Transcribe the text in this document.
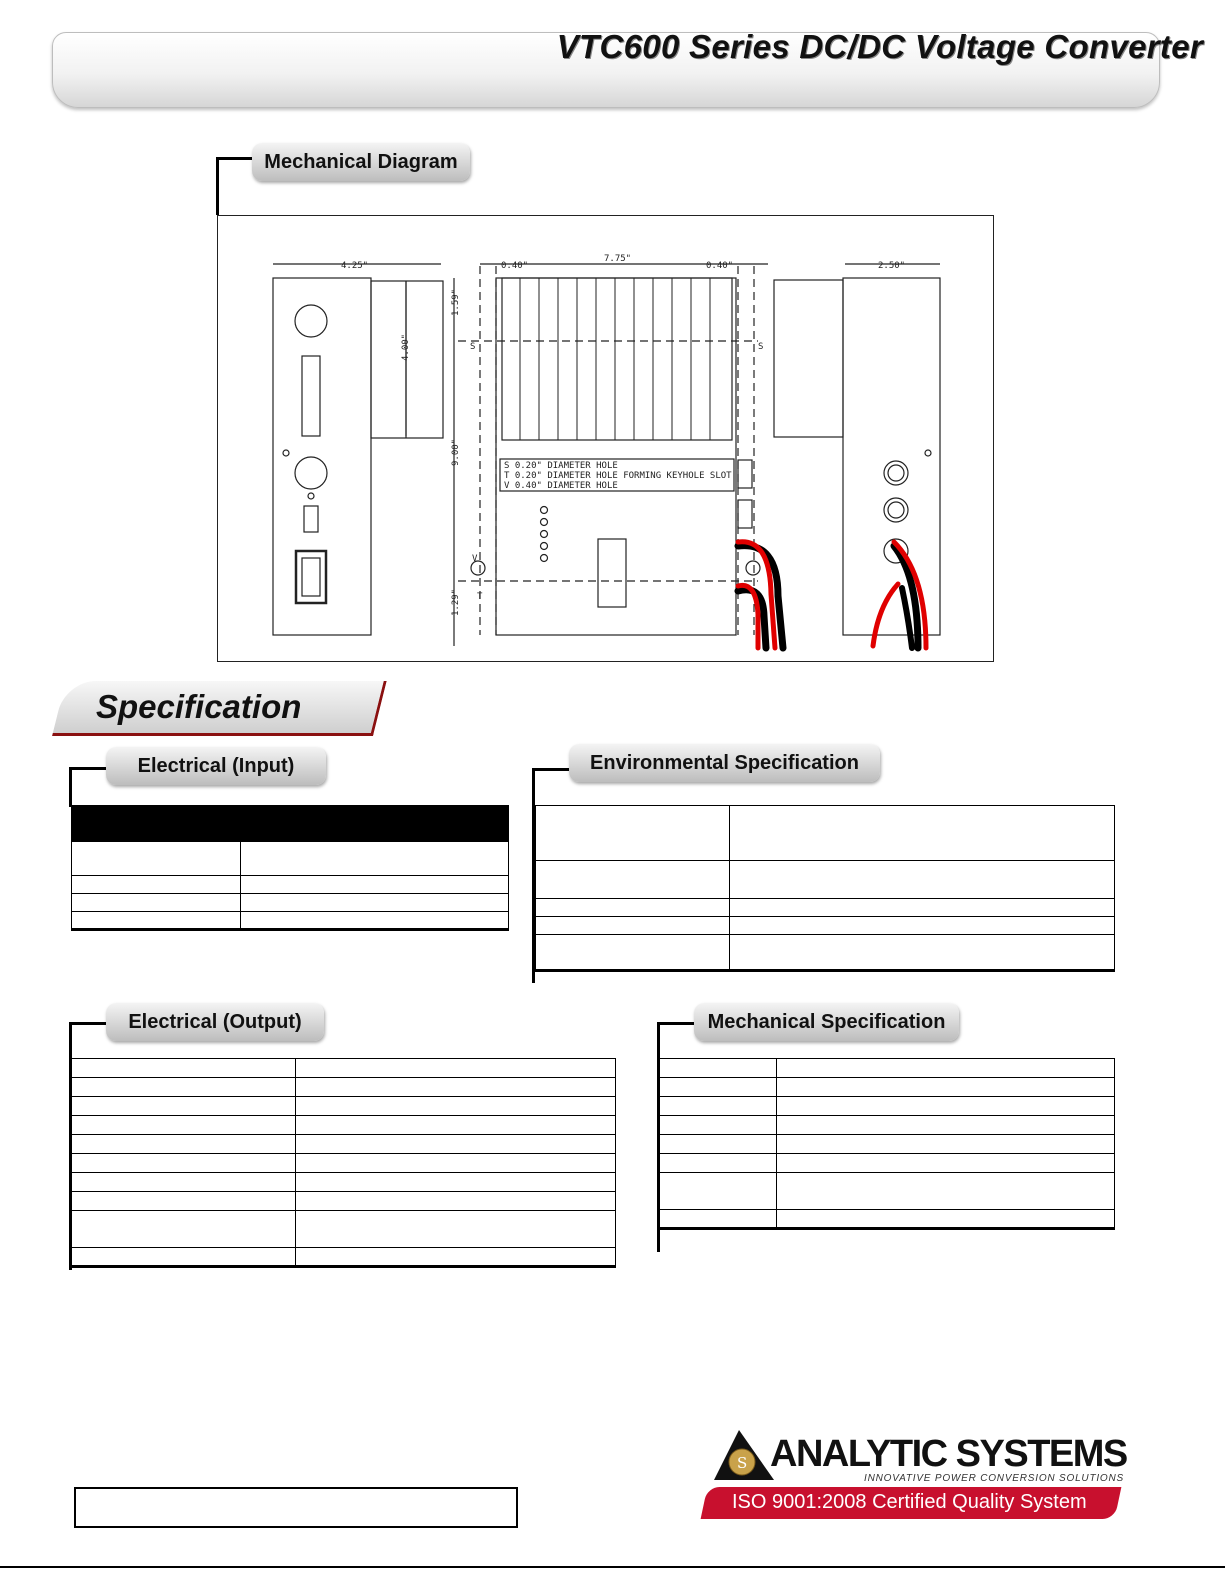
VTC600 Series DC/DC Voltage Converter
Mechanical Diagram
4.25"
7.75"
0.40"	0.40"	2.50"
4.00"
1.59"
9.00"
1.29"
S	S
V
T
S 0.20" DIAMETER HOLE
T 0.20" DIAMETER HOLE FORMING KEYHOLE SLOT
V 0.40" DIAMETER HOLE
Specification
Electrical (Input)

		Environmental Specification

Electrical (Output)

		Mechanical Specification

S ANALYTIC SYSTEMS
INNOVATIVE POWER CONVERSION SOLUTIONS
ISO 9001:2008 Certified Quality System
